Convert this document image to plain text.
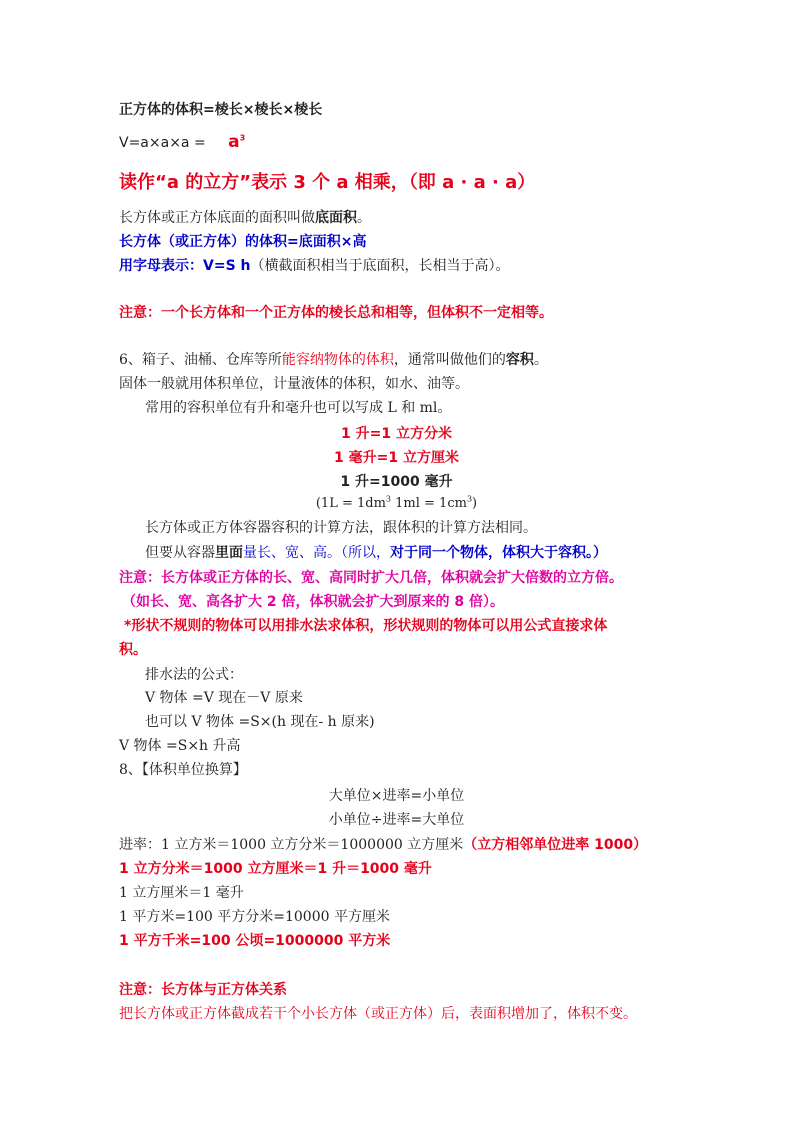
正方体的体积=棱长×棱长×棱长
$V=a\times a\times a = a^3$
读作“a 的立方”表示 3 个 a 相乘，（即 a · a · a）
长方体或正方体底面的面积叫做底面积。
长方体（或正方体）的体积=底面积×高
用字母表示：V=S h（横截面积相当于底面积，长相当于高）。
注意：一个长方体和一个正方体的棱长总和相等，但体积不一定相等。
6、箱子、油桶、仓库等所能容纳物体的体积，通常叫做他们的容积。
固体一般就用体积单位，计量液体的体积，如水、油等。
常用的容积单位有升和毫升也可以写成 L 和 ml。
1 升=1 立方分米
1 毫升=1 立方厘米
1 升=1000 毫升
($1L = 1dm^3$ $1ml = 1cm^3$)
长方体或正方体容器容积的计算方法，跟体积的计算方法相同。
但要从容器里面量长、宽、高。（所以，对于同一个物体，体积大于容积。）
注意：长方体或正方体的长、宽、高同时扩大几倍，体积就会扩大倍数的立方倍。
（如长、宽、高各扩大 2 倍，体积就会扩大到原来的 8 倍）。
*形状不规则的物体可以用排水法求体积，形状规则的物体可以用公式直接求体
积。
排水法的公式：
V 物体 =V 现在－V 原来
也可以 V 物体 =S×(h 现在- h 原来)
V 物体 =S×h 升高
8、【体积单位换算】
大单位×进率=小单位
小单位÷进率=大单位
进率：1 立方米＝1000 立方分米＝1000000 立方厘米（立方相邻单位进率 1000）
1 立方分米＝1000 立方厘米＝1 升＝1000 毫升
1 立方厘米＝1 毫升
1 平方米=100 平方分米=10000 平方厘米
1 平方千米=100 公顷=1000000 平方米
注意：长方体与正方体关系
把长方体或正方体截成若干个小长方体（或正方体）后，表面积增加了，体积不变。
